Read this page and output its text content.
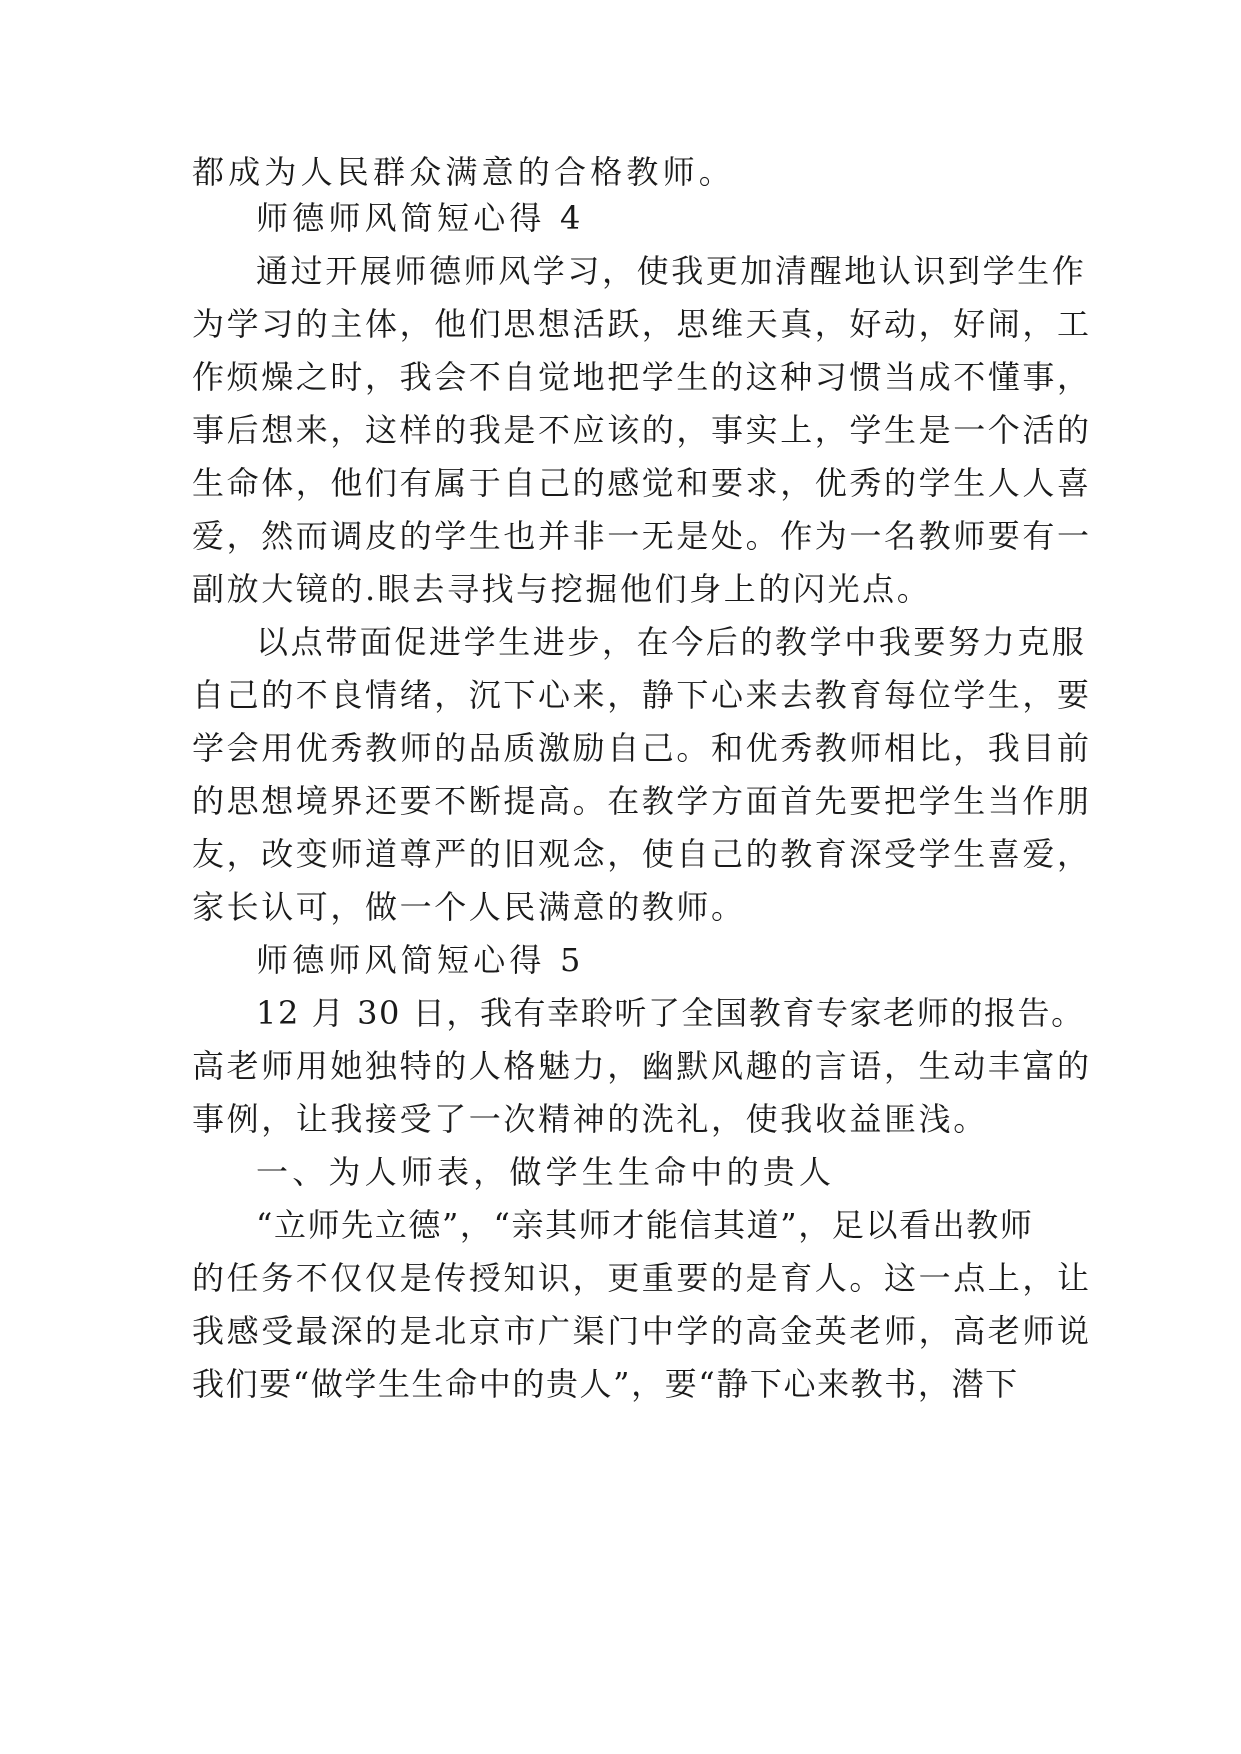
都成为人民群众满意的合格教师。

师德师风简短心得 4

通过开展师德师风学习，使我更加清醒地认识到学生作

为学习的主体，他们思想活跃，思维天真，好动，好闹，工

作烦燥之时，我会不自觉地把学生的这种习惯当成不懂事，

事后想来，这样的我是不应该的，事实上，学生是一个活的

生命体，他们有属于自己的感觉和要求，优秀的学生人人喜

爱，然而调皮的学生也并非一无是处。作为一名教师要有一

副放大镜的.眼去寻找与挖掘他们身上的闪光点。

以点带面促进学生进步，在今后的教学中我要努力克服

自己的不良情绪，沉下心来，静下心来去教育每位学生，要

学会用优秀教师的品质激励自己。和优秀教师相比，我目前

的思想境界还要不断提高。在教学方面首先要把学生当作朋

友，改变师道尊严的旧观念，使自己的教育深受学生喜爱，

家长认可，做一个人民满意的教师。

师德师风简短心得 5

12 月 30 日，我有幸聆听了全国教育专家老师的报告。

高老师用她独特的人格魅力，幽默风趣的言语，生动丰富的

事例，让我接受了一次精神的洗礼，使我收益匪浅。

一、为人师表，做学生生命中的贵人

“立师先立德”，“亲其师才能信其道”，足以看出教师

的任务不仅仅是传授知识，更重要的是育人。这一点上，让

我感受最深的是北京市广渠门中学的高金英老师，高老师说

我们要“做学生生命中的贵人”，要“静下心来教书，潜下
